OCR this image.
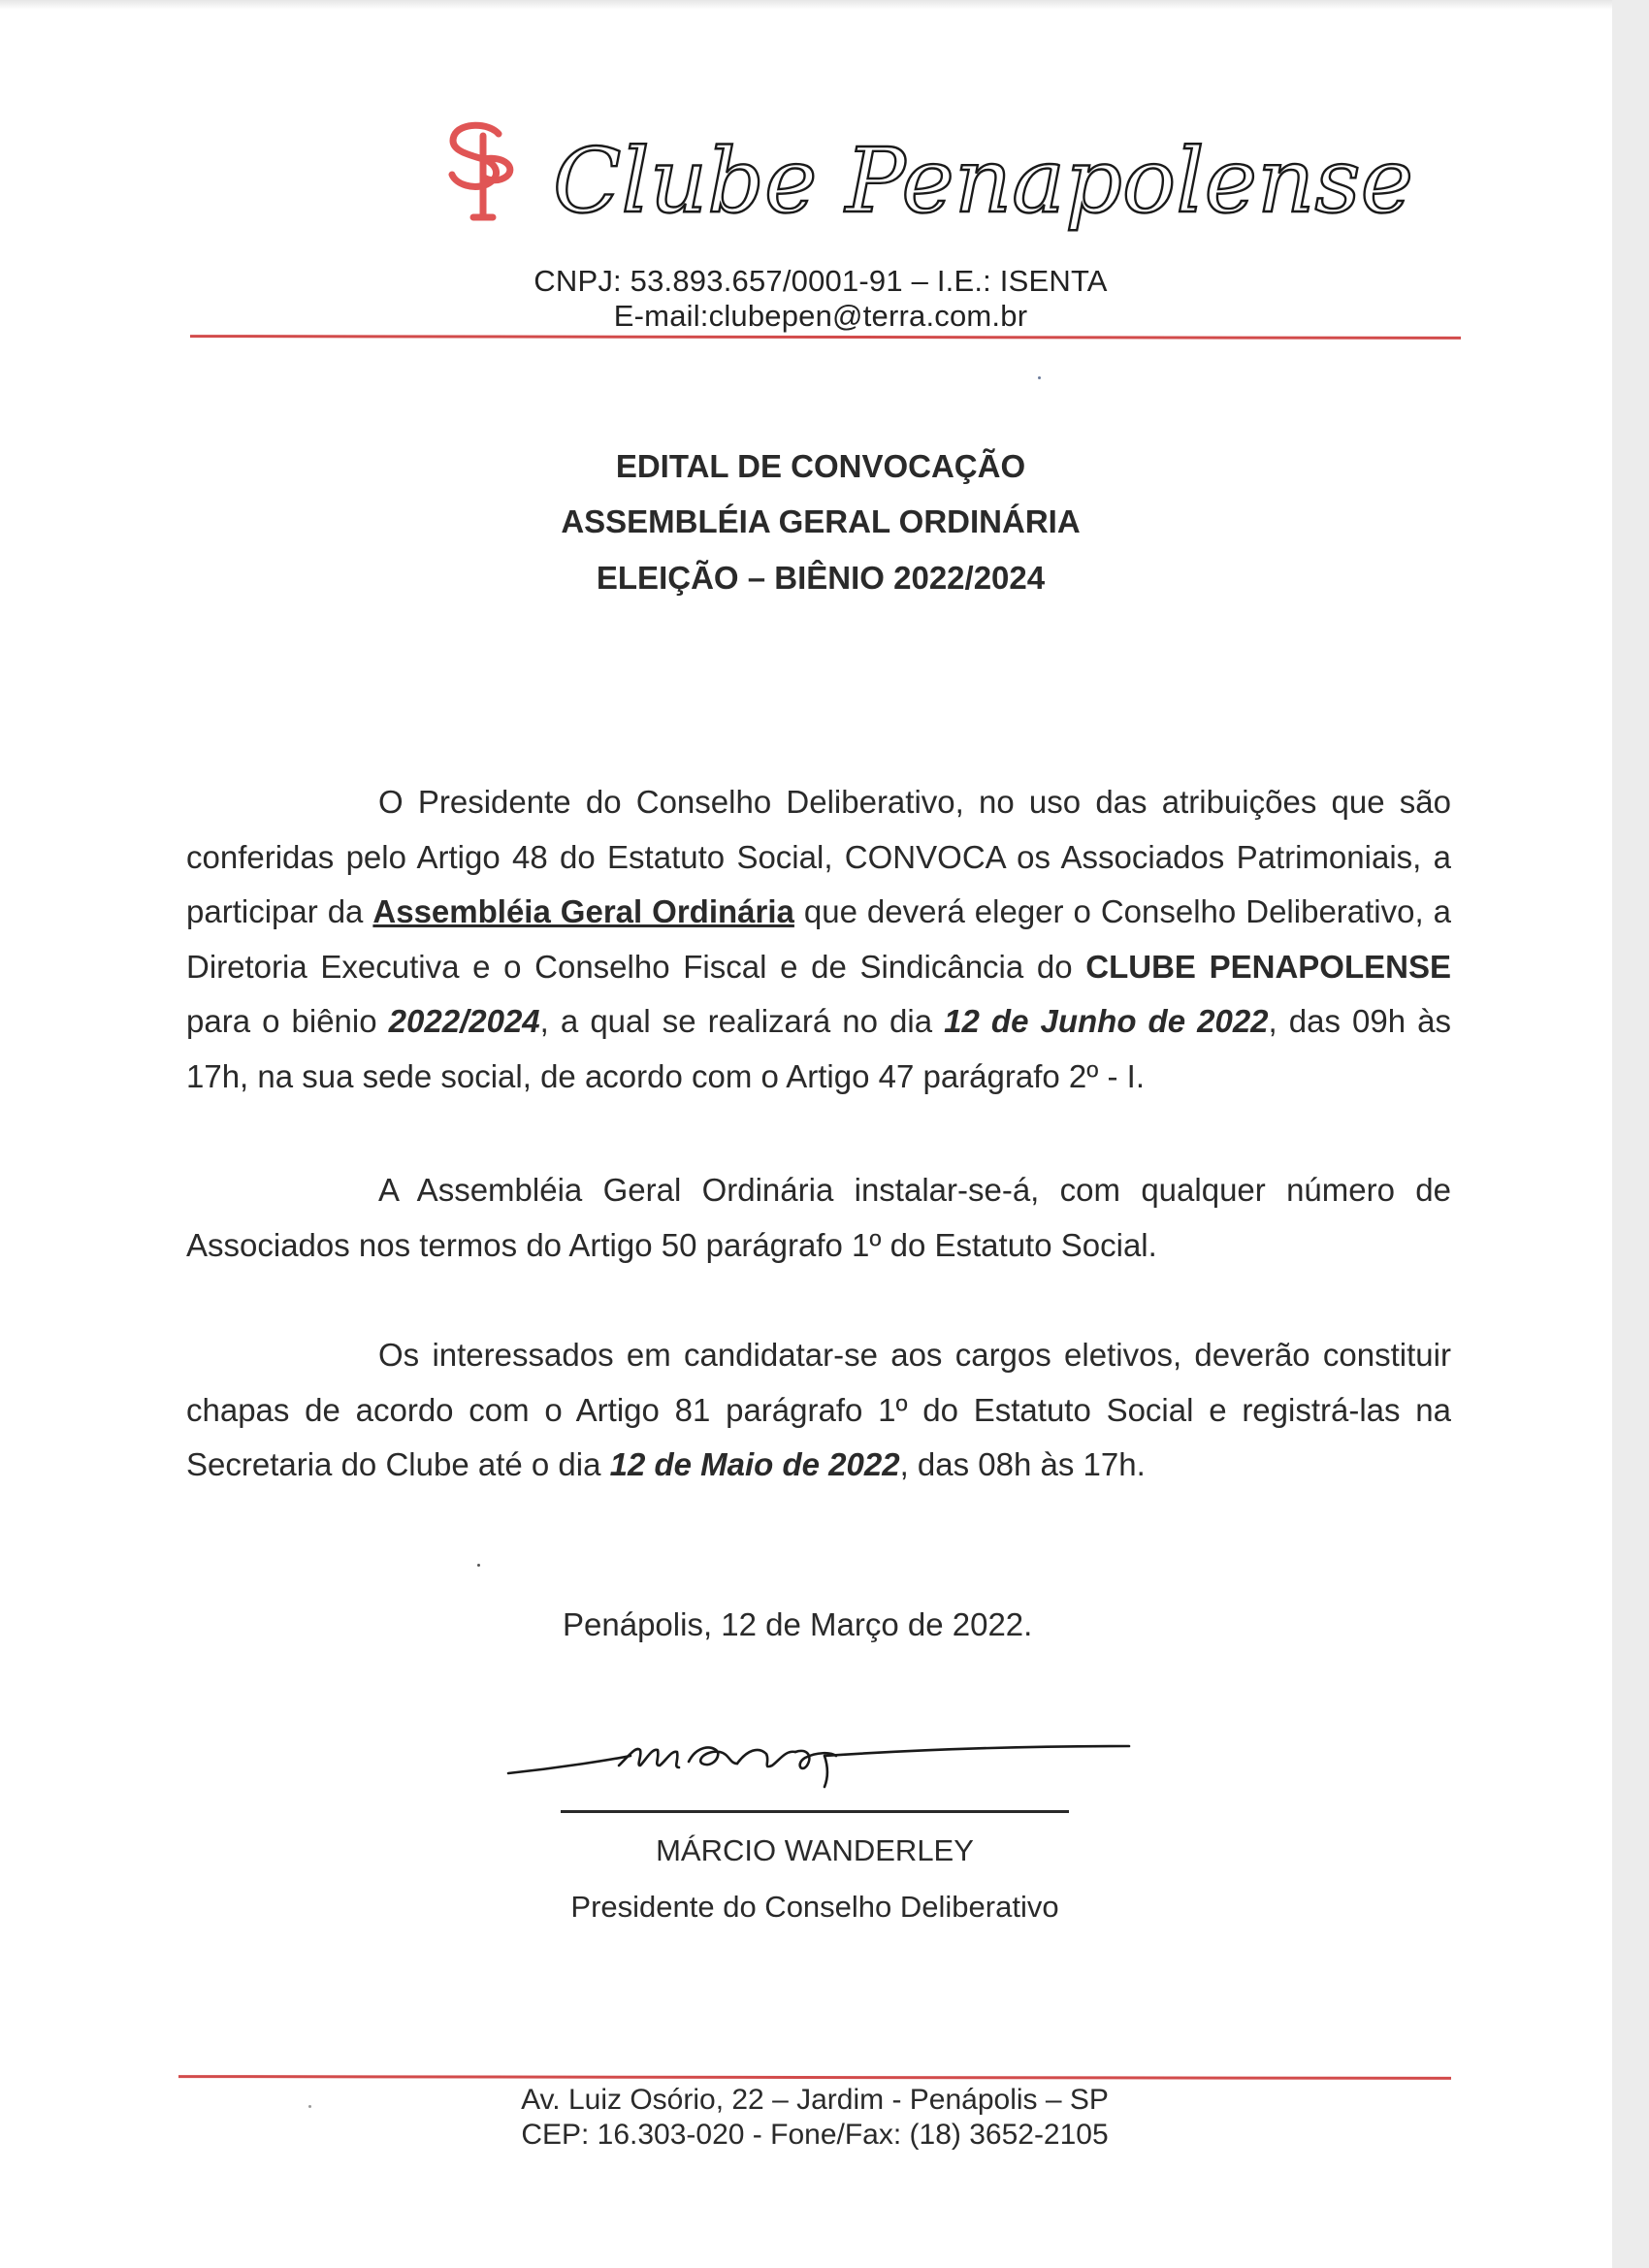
Clube Penapolense
CNPJ: 53.893.657/0001-91 – I.E.: ISENTA
E-mail:clubepen@terra.com.br
EDITAL DE CONVOCAÇÃO
ASSEMBLÉIA GERAL ORDINÁRIA
ELEIÇÃO – BIÊNIO 2022/2024
O Presidente do Conselho Deliberativo, no uso das atribuições que são conferidas pelo Artigo 48 do Estatuto Social, CONVOCA os Associados Patrimoniais, a participar da Assembléia Geral Ordinária que deverá eleger o Conselho Deliberativo, a Diretoria Executiva e o Conselho Fiscal e de Sindicância do CLUBE PENAPOLENSE para o biênio 2022/2024, a qual se realizará no dia 12 de Junho de 2022, das 09h às 17h, na sua sede social, de acordo com o Artigo 47 parágrafo 2º - I.
A Assembléia Geral Ordinária instalar-se-á, com qualquer número de Associados nos termos do Artigo 50 parágrafo 1º do Estatuto Social.
Os interessados em candidatar-se aos cargos eletivos, deverão constituir chapas de acordo com o Artigo 81 parágrafo 1º do Estatuto Social e registrá-las na Secretaria do Clube até o dia 12 de Maio de 2022, das 08h às 17h.
Penápolis, 12 de Março de 2022.
MÁRCIO WANDERLEY
Presidente do Conselho Deliberativo
Av. Luiz Osório, 22 – Jardim - Penápolis – SP
CEP: 16.303-020 - Fone/Fax: (18) 3652-2105
